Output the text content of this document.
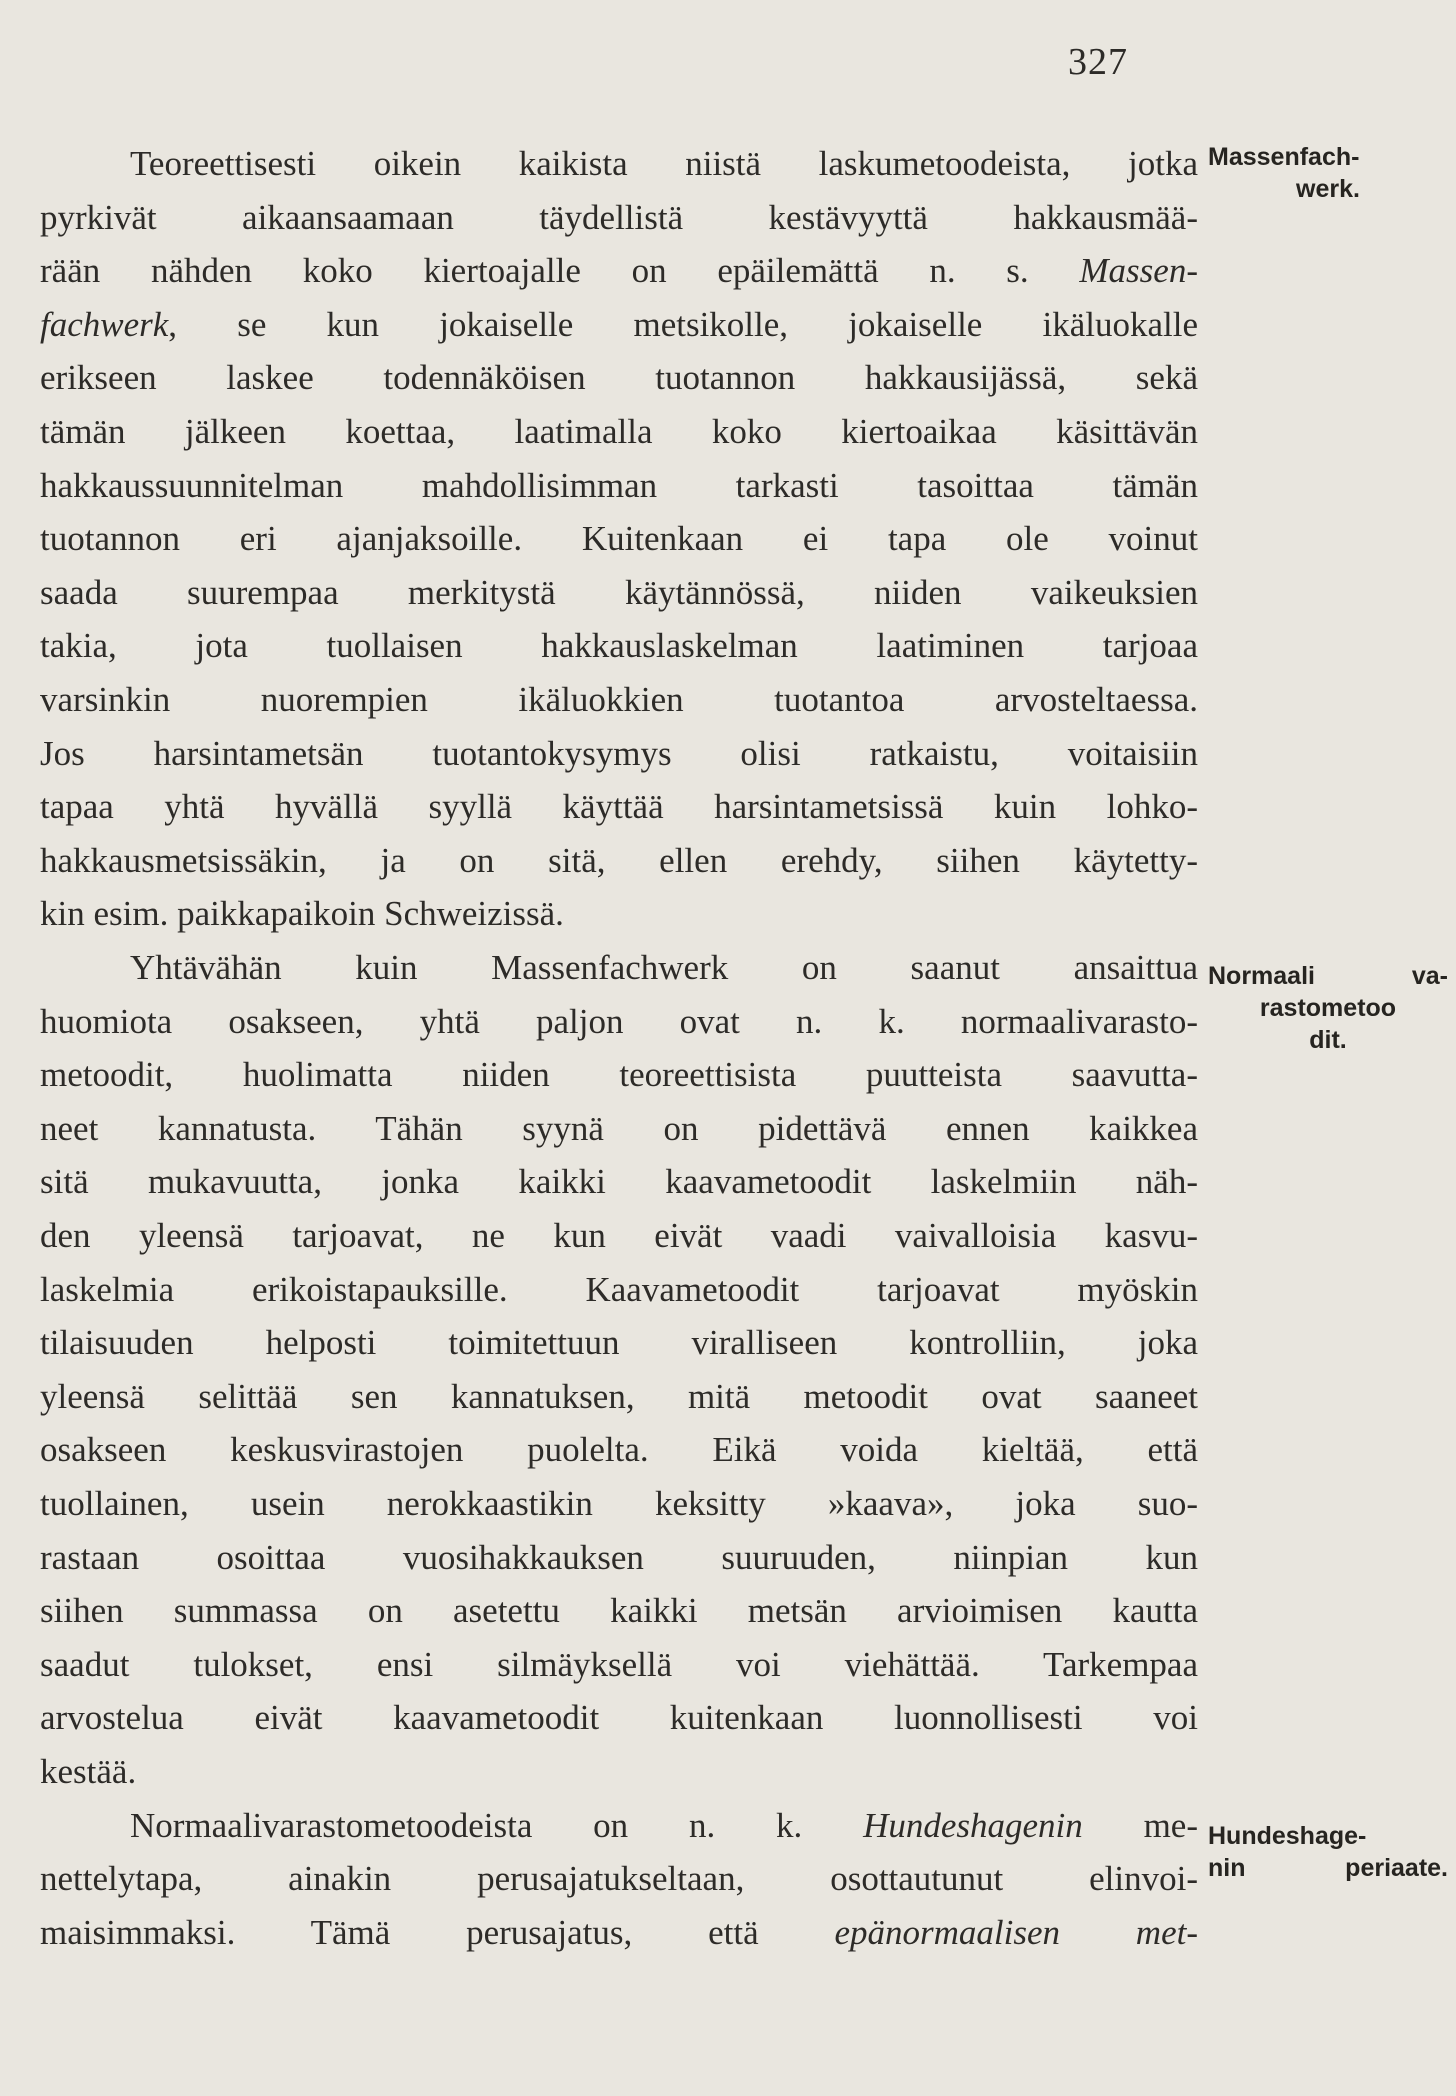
327
Teoreettisesti oikein kaikista niistä laskumetoodeista, jotka
pyrkivät aikaansaamaan täydellistä kestävyyttä hakkausmää-
rään nähden koko kiertoajalle on epäilemättä n. s. Massen-
fachwerk, se kun jokaiselle metsikolle, jokaiselle ikäluokalle
erikseen laskee todennäköisen tuotannon hakkausijässä, sekä
tämän jälkeen koettaa, laatimalla koko kiertoaikaa käsittävän
hakkaussuunnitelman mahdollisimman tarkasti tasoittaa tämän
tuotannon eri ajanjaksoille. Kuitenkaan ei tapa ole voinut
saada suurempaa merkitystä käytännössä, niiden vaikeuksien
takia, jota tuollaisen hakkauslaskelman laatiminen tarjoaa
varsinkin nuorempien ikäluokkien tuotantoa arvosteltaessa.
Jos harsintametsän tuotantokysymys olisi ratkaistu, voitaisiin
tapaa yhtä hyvällä syyllä käyttää harsintametsissä kuin lohko-
hakkausmetsissäkin, ja on sitä, ellen erehdy, siihen käytetty-
kin esim. paikkapaikoin Schweizissä.
Yhtävähän kuin Massenfachwerk on saanut ansaittua
huomiota osakseen, yhtä paljon ovat n. k. normaalivarasto-
metoodit, huolimatta niiden teoreettisista puutteista saavutta-
neet kannatusta. Tähän syynä on pidettävä ennen kaikkea
sitä mukavuutta, jonka kaikki kaavametoodit laskelmiin näh-
den yleensä tarjoavat, ne kun eivät vaadi vaivalloisia kasvu-
laskelmia erikoistapauksille. Kaavametoodit tarjoavat myöskin
tilaisuuden helposti toimitettuun viralliseen kontrolliin, joka
yleensä selittää sen kannatuksen, mitä metoodit ovat saaneet
osakseen keskusvirastojen puolelta. Eikä voida kieltää, että
tuollainen, usein nerokkaastikin keksitty »kaava», joka suo-
rastaan osoittaa vuosihakkauksen suuruuden, niinpian kun
siihen summassa on asetettu kaikki metsän arvioimisen kautta
saadut tulokset, ensi silmäyksellä voi viehättää. Tarkempaa
arvostelua eivät kaavametoodit kuitenkaan luonnollisesti voi
kestää.
Normaalivarastometoodeista on n. k. Hundeshagenin me-
nettelytapa, ainakin perusajatukseltaan, osottautunut elinvoi-
maisimmaksi. Tämä perusajatus, että epänormaalisen met-
Massenfach-
werk.
Normaali va-
rastometoo
dit.
Hundeshage-
nin periaate.
